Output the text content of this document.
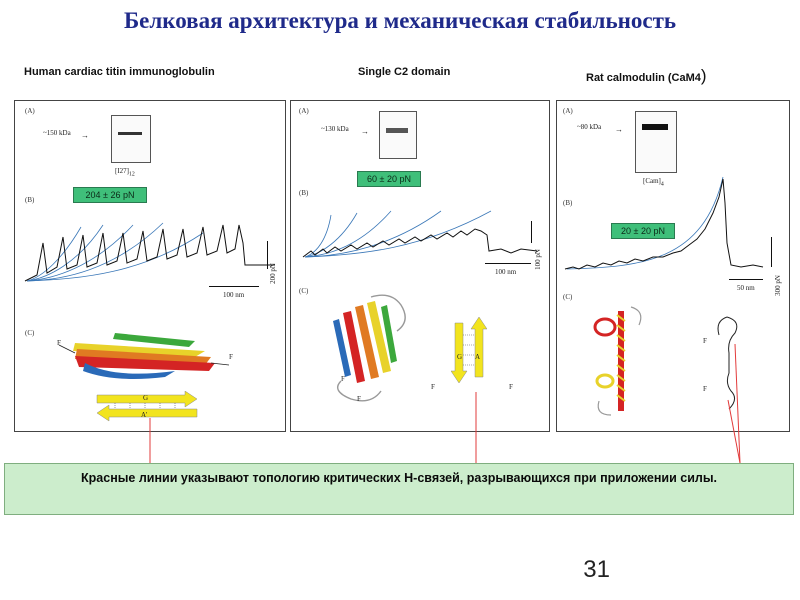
Белковая архитектура и механическая стабильность
Human cardiac titin immunoglobulin	Single C2 domain	Rat calmodulin (CaM4)
(A)
(B)
(C)
~150 kDa →
$[I27]_{12}$
204 ± 26 pN
200 pN
100 nm
F
F
G
A'
(A)
(B)
(C)
~130 kDa →
60 ± 20 pN
100 pN
100 nm
F
F
G A
F	F
(A)
(B)
(C)
~80 kDa →
$[Cam]_4$
20 ± 20 pN
300 pN
50 nm
F
F
Красные линии указывают топологию критических H-связей, разрывающихся при приложении силы.
31
